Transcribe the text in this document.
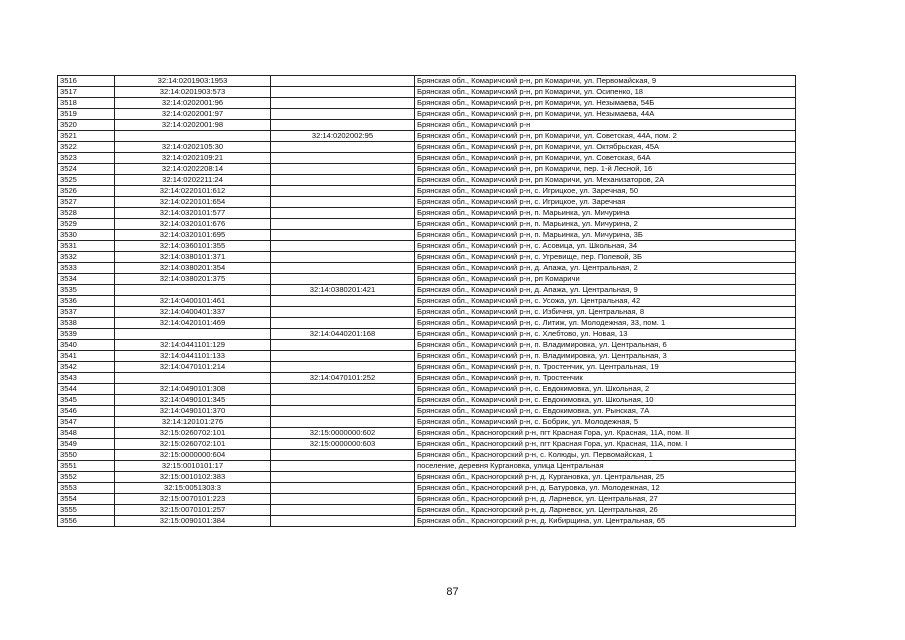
3516	32:14:0201903:1953		Брянская обл., Комаричский р-н, рп Комаричи, ул. Первомайская, 9
3517	32:14:0201903:573		Брянская обл., Комаричский р-н, рп Комаричи, ул. Осипенко, 18
3518	32:14:0202001:96		Брянская обл., Комаричский р-н, рп Комаричи, ул. Незымаева, 54Б
3519	32:14:0202001:97		Брянская обл., Комаричский р-н, рп Комаричи, ул. Незымаева, 44А
3520	32:14:0202001:98		Брянская обл., Комаричский р-н
3521		32:14:0202002:95	Брянская обл., Комаричский р-н, рп Комаричи, ул. Советская, 44А, пом. 2
3522	32:14:0202105:30		Брянская обл., Комаричский р-н, рп Комаричи, ул. Октябрьская, 45А
3523	32:14:0202109:21		Брянская обл., Комаричский р-н, рп Комаричи, ул. Советская, 64А
3524	32:14:0202208:14		Брянская обл., Комаричский р-н, рп Комаричи, пер. 1-й Лесной, 16
3525	32:14:0202211:24		Брянская обл., Комаричский р-н, рп Комаричи, ул. Механизаторов, 2А
3526	32:14:0220101:612		Брянская обл., Комаричский р-н, с. Игрицкое, ул. Заречная, 50
3527	32:14:0220101:654		Брянская обл., Комаричский р-н, с. Игрицкое, ул. Заречная
3528	32:14:0320101:577		Брянская обл., Комаричский р-н, п. Марьинка, ул. Мичурина
3529	32:14:0320101:676		Брянская обл., Комаричский р-н, п. Марьинка, ул. Мичурина, 2
3530	32:14:0320101:695		Брянская обл., Комаричский р-н, п. Марьинка, ул. Мичурина, 3Б
3531	32:14:0360101:355		Брянская обл., Комаричский р-н, с. Асовица, ул. Школьная, 34
3532	32:14:0380101:371		Брянская обл., Комаричский р-н, с. Угревище, пер. Полевой, 3Б
3533	32:14:0380201:354		Брянская обл., Комаричский р-н, д. Апажа, ул. Центральная, 2
3534	32:14:0380201:375		Брянская обл., Комаричский р-н, рп Комаричи
3535		32:14:0380201:421	Брянская обл., Комаричский р-н, д. Апажа, ул. Центральная, 9
3536	32:14:0400101:461		Брянская обл., Комаричский р-н, с. Усожа, ул. Центральная, 42
3537	32:14:0400401:337		Брянская обл., Комаричский р-н, с. Избичня, ул. Центральная, 8
3538	32:14:0420101:469		Брянская обл., Комаричский р-н, с. Литиж, ул. Молодежная, 33, пом. 1
3539		32:14:0440201:168	Брянская обл., Комаричский р-н, с. Хлебтово, ул. Новая, 13
3540	32:14:0441101:129		Брянская обл., Комаричский р-н, п. Владимировка, ул. Центральная, 6
3541	32:14:0441101:133		Брянская обл., Комаричский р-н, п. Владимировка, ул. Центральная, 3
3542	32:14:0470101:214		Брянская обл., Комаричский р-н, п. Тростенчик, ул. Центральная, 19
3543		32:14:0470101:252	Брянская обл., Комаричский р-н, п. Тростенчик
3544	32:14:0490101:308		Брянская обл., Комаричский р-н, с. Евдокимовка, ул. Школьная, 2
3545	32:14:0490101:345		Брянская обл., Комаричский р-н, с. Евдокимовка, ул. Школьная, 10
3546	32:14:0490101:370		Брянская обл., Комаричский р-н, с. Евдокимовка, ул. Рынская, 7А
3547	32:14:120101:276		Брянская обл., Комаричский р-н, с. Бобрик, ул. Молодежная, 5
3548	32:15:0260702:101	32:15:0000000:602	Брянская обл., Красногорский р-н, пгт Красная Гора, ул. Красная, 11А, пом. II
3549	32:15:0260702:101	32:15:0000000:603	Брянская обл., Красногорский р-н, пгт Красная Гора, ул. Красная, 11А, пом. I
3550	32:15:0000000:604		Брянская обл., Красногорский р-н, с. Колюды, ул. Первомайская, 1
3551	32:15:0010101:17		поселение, деревня Кургановка, улица Центральная
3552	32:15:0010102:383		Брянская обл., Красногорский р-н, д. Кургановка, ул. Центральная, 25
3553	32:15:0051303:3		Брянская обл., Красногорский р-н, д. Батуровка, ул. Молодежная, 12
3554	32:15:0070101:223		Брянская обл., Красногорский р-н, д. Ларневск, ул. Центральная, 27
3555	32:15:0070101:257		Брянская обл., Красногорский р-н, д. Ларневск, ул. Центральная, 26
3556	32:15:0090101:384		Брянская обл., Красногорский р-н, д. Кибирщина, ул. Центральная, 65
87
